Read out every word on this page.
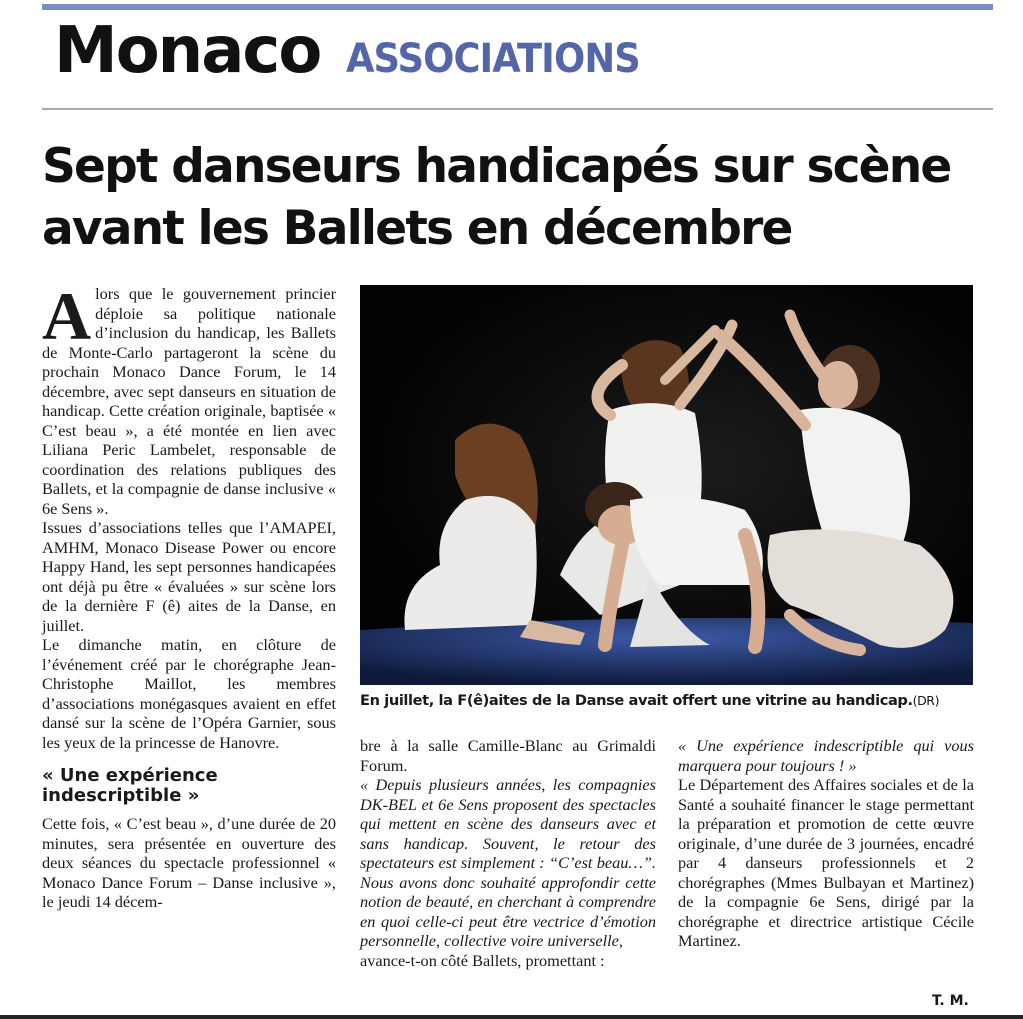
Monaco ASSOCIATIONS
Sept danseurs handicapés sur scène
avant les Ballets en décembre

Alors que le gouvernement princier déploie sa politique nationale d’inclusion du handicap, les Ballets de Monte-Carlo partageront la scène du prochain Monaco Dance Forum, le 14 décembre, avec sept danseurs en situation de handicap. Cette création originale, baptisée « C’est beau », a été montée en lien avec Liliana Peric Lambelet, responsable de coordination des relations publiques des Ballets, et la compagnie de danse inclusive « 6e Sens ».

Issues d’associations telles que l’AMAPEI, AMHM, Monaco Disease Power ou encore Happy Hand, les sept personnes handicapées ont déjà pu être « évaluées » sur scène lors de la dernière F (ê) aites de la Danse, en juillet.

Le dimanche matin, en clôture de l’événement créé par le chorégraphe Jean-Christophe Maillot, les membres d’associations monégasques avaient en effet dansé sur la scène de l’Opéra Garnier, sous les yeux de la princesse de Hanovre.

« Une expérience indescriptible »

Cette fois, « C’est beau », d’une durée de 20 minutes, sera présentée en ouverture des deux séances du spectacle professionnel « Monaco Dance Forum – Danse inclusive », le jeudi 14 décem-

En juillet, la F(ê)aites de la Danse avait offert une vitrine au handicap.(DR)

bre à la salle Camille-Blanc au Grimaldi Forum.

« Depuis plusieurs années, les compagnies DK-BEL et 6e Sens proposent des spectacles qui mettent en scène des danseurs avec et sans handicap. Souvent, le retour des spectateurs est simplement : “C’est beau…”. Nous avons donc souhaité approfondir cette notion de beauté, en cherchant à comprendre en quoi celle-ci peut être vectrice d’émotion personnelle, collective voire universelle,

avance-t-on côté Ballets, promettant :

« Une expérience indescriptible qui vous marquera pour toujours ! »

Le Département des Affaires sociales et de la Santé a souhaité financer le stage permettant la préparation et promotion de cette œuvre originale, d’une durée de 3 journées, encadré par 4 danseurs professionnels et 2 chorégraphes (Mmes Bulbayan et Martinez) de la compagnie 6e Sens, dirigé par la chorégraphe et directrice artistique Cécile Martinez.

T. M.
